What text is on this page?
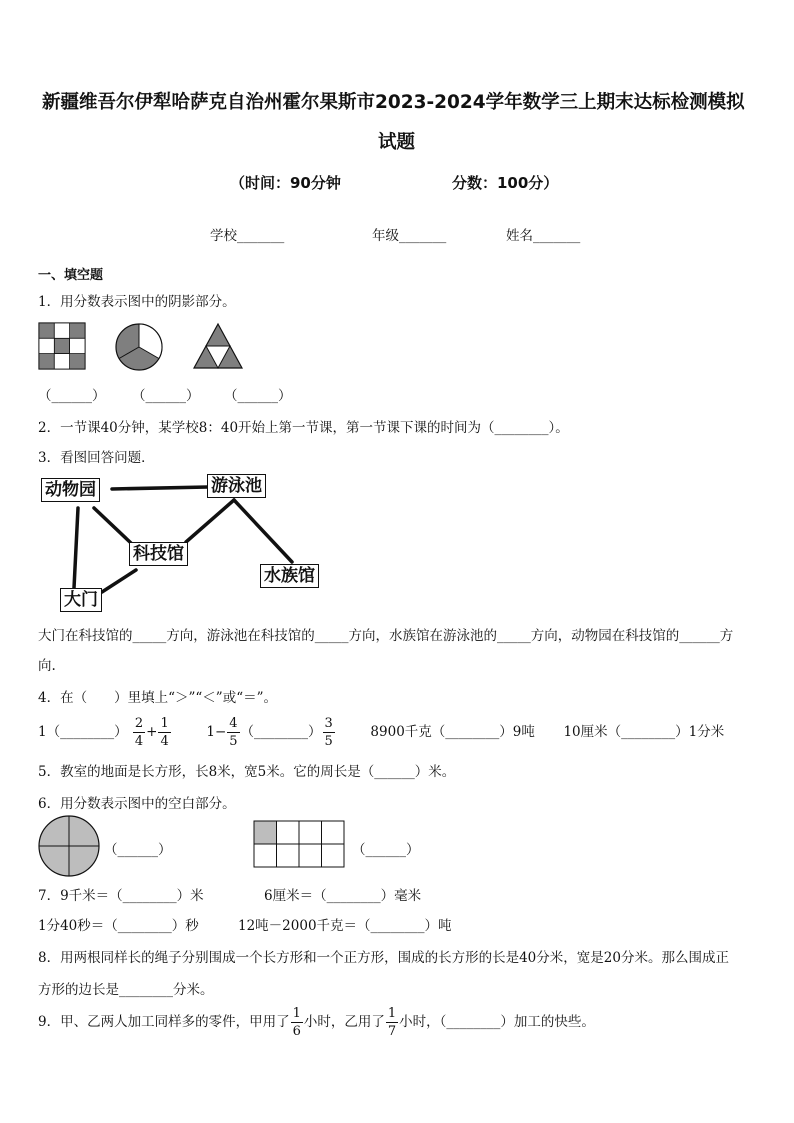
新疆维吾尔伊犁哈萨克自治州霍尔果斯市2023-2024学年数学三上期末达标检测模拟
试题
（时间：90分钟	分数：100分）
学校_______	年级_______	姓名_______
一、填空题
1．用分数表示图中的阴影部分。
（______） （______） （______）
2．一节课40分钟，某学校8：40开始上第一节课，第一节课下课的时间为（________）。
3．看图回答问题．
动物园	游泳池
科技馆
水族馆
大门
大门在科技馆的_____方向，游泳池在科技馆的_____方向，水族馆在游泳池的_____方向，动物园在科技馆的______方
向.
4．在（　　）里填上“＞”“＜”或“＝”。
1（________） $\frac{2}{4} + \frac{1}{4}$	$1- \frac{4}{5}$ （________） $\frac{3}{5}$	8900千克（________）9吨 10厘米（________）1分米
5．教室的地面是长方形，长8米，宽5米。它的周长是（______）米。
6．用分数表示图中的空白部分。
（______）	（______）
7．9千米＝（________）米	6厘米＝（________）毫米
1分40秒＝（________）秒	12吨－2000千克＝（________）吨
8．用两根同样长的绳子分别围成一个长方形和一个正方形，围成的长方形的长是40分米，宽是20分米。那么围成正
方形的边长是________分米。
9．甲、乙两人加工同样多的零件，甲用了 $\frac{1}{6}$ 小时，乙用了 $\frac{1}{7}$ 小时，（________）加工的快些。
